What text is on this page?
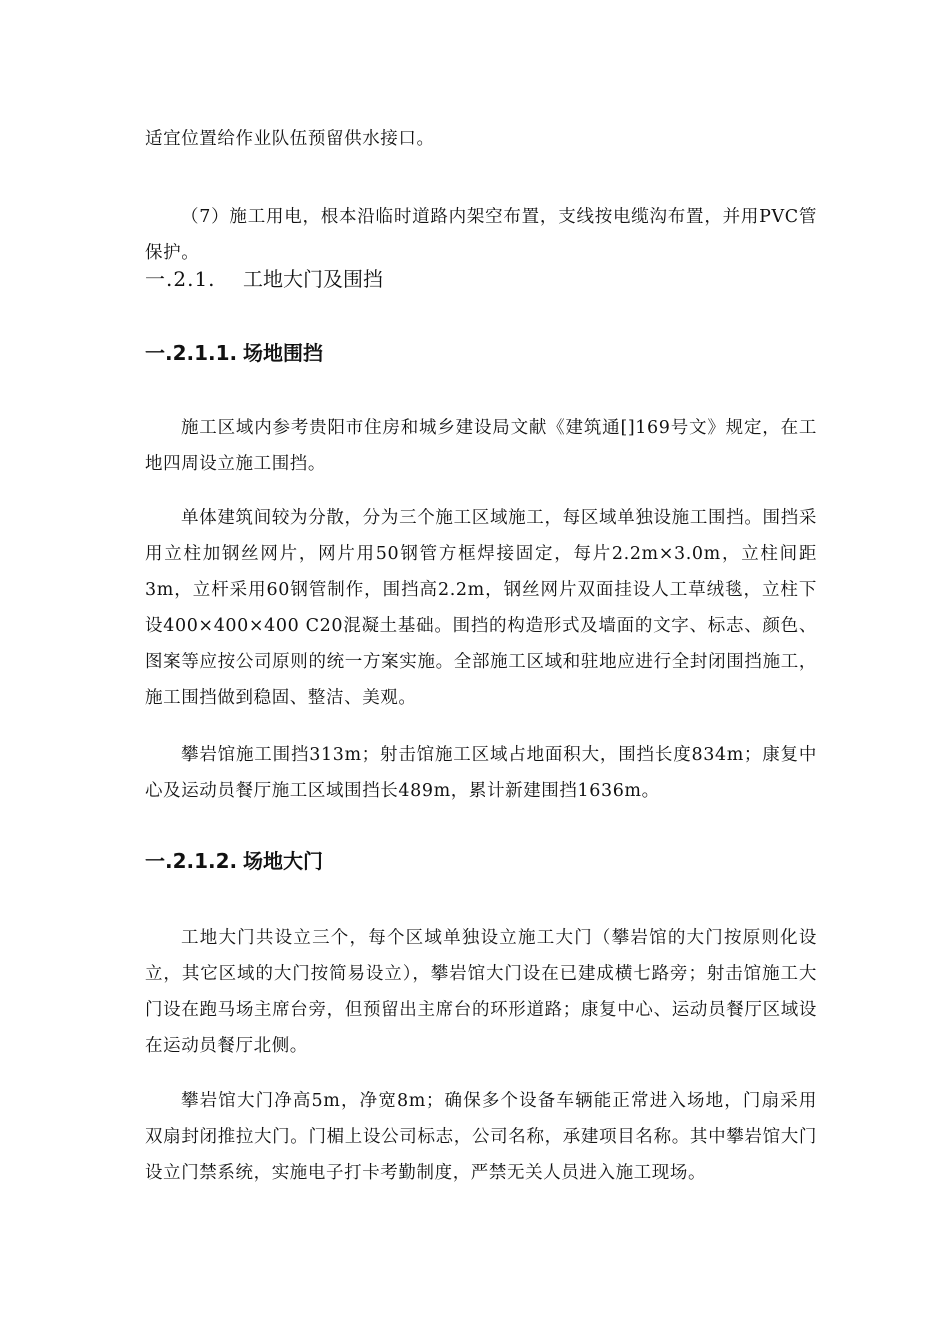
适宜位置给作业队伍预留供水接口。

（7）施工用电，根本沿临时道路内架空布置，支线按电缆沟布置，并用PVC管保护。

一.2.1. 工地大门及围挡
一.2.1.1. 场地围挡

施工区域内参考贵阳市住房和城乡建设局文献《建筑通[]169号文》规定，在工地四周设立施工围挡。

单体建筑间较为分散，分为三个施工区域施工，每区域单独设施工围挡。围挡采用立柱加钢丝网片，网片用50钢管方框焊接固定，每片2.2m×3.0m，立柱间距3m，立杆采用60钢管制作，围挡高2.2m，钢丝网片双面挂设人工草绒毯，立柱下设400×400×400 C20混凝土基础。围挡的构造形式及墙面的文字、标志、颜色、图案等应按公司原则的统一方案实施。全部施工区域和驻地应进行全封闭围挡施工，施工围挡做到稳固、整洁、美观。

攀岩馆施工围挡313m；射击馆施工区域占地面积大，围挡长度834m；康复中心及运动员餐厅施工区域围挡长489m，累计新建围挡1636m。

一.2.1.2. 场地大门

工地大门共设立三个，每个区域单独设立施工大门（攀岩馆的大门按原则化设立，其它区域的大门按简易设立），攀岩馆大门设在已建成横七路旁；射击馆施工大门设在跑马场主席台旁，但预留出主席台的环形道路；康复中心、运动员餐厅区域设在运动员餐厅北侧。

攀岩馆大门净高5m，净宽8m；确保多个设备车辆能正常进入场地，门扇采用双扇封闭推拉大门。门楣上设公司标志，公司名称，承建项目名称。其中攀岩馆大门设立门禁系统，实施电子打卡考勤制度，严禁无关人员进入施工现场。
